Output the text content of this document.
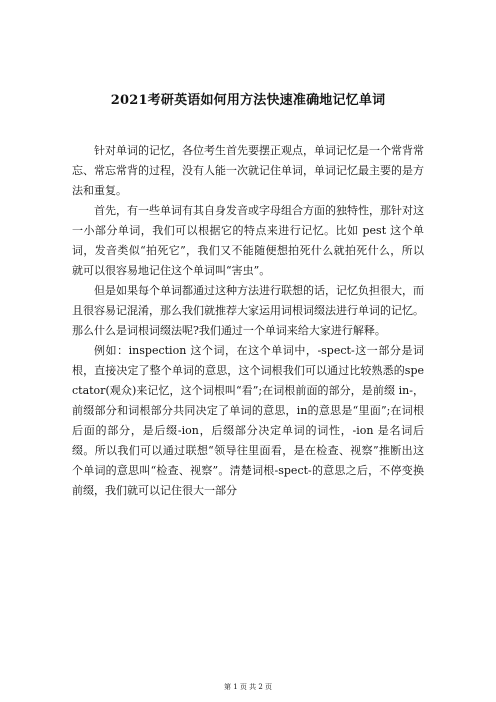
2021考研英语如何用方法快速准确地记忆单词

针对单词的记忆，各位考生首先要摆正观点，单词记忆是一个常背常忘、常忘常背的过程，没有人能一次就记住单词，单词记忆最主要的是方法和重复。

首先，有一些单词有其自身发音或字母组合方面的独特性，那针对这一小部分单词，我们可以根据它的特点来进行记忆。比如 pest 这个单词，发音类似“拍死它”，我们又不能随便想拍死什么就拍死什么，所以就可以很容易地记住这个单词叫“害虫”。

但是如果每个单词都通过这种方法进行联想的话，记忆负担很大，而且很容易记混淆，那么我们就推荐大家运用词根词缀法进行单词的记忆。那么什么是词根词缀法呢?我们通过一个单词来给大家进行解释。

例如：inspection 这个词，在这个单词中，-spect-这一部分是词根，直接决定了整个单词的意思，这个词根我们可以通过比较熟悉的spectator(观众)来记忆，这个词根叫“看”;在词根前面的部分，是前缀 in-，前缀部分和词根部分共同决定了单词的意思，in的意思是“里面”;在词根后面的部分，是后缀-ion，后缀部分决定单词的词性，-ion 是名词后缀。所以我们可以通过联想“领导往里面看，是在检查、视察”推断出这个单词的意思叫“检查、视察”。清楚词根-spect-的意思之后，不停变换前缀，我们就可以记住很大一部分

第 1 页 共 2 页
